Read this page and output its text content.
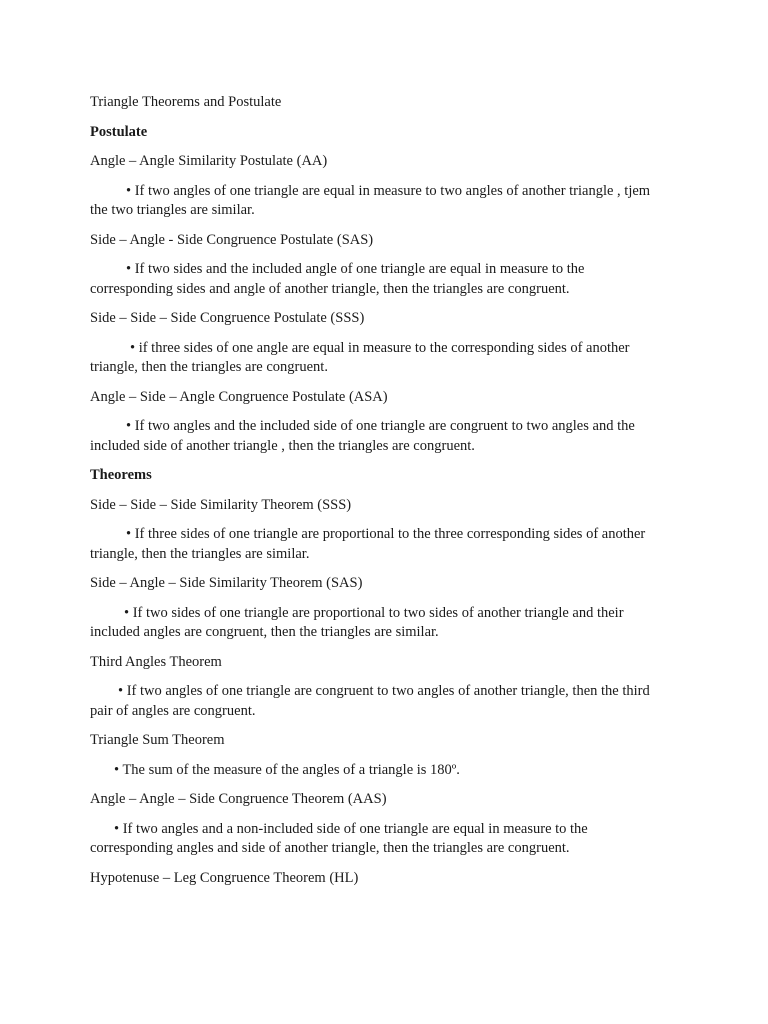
Triangle Theorems and Postulate

Postulate

Angle – Angle Similarity Postulate (AA)

• If two angles of one triangle are equal in measure to two angles of another triangle , tjem
the two triangles are similar.

Side – Angle - Side Congruence Postulate (SAS)

• If two sides and the included angle of one triangle are equal in measure to the
corresponding sides and angle of another triangle, then the triangles are congruent.

Side – Side – Side Congruence Postulate (SSS)

• if three sides of one angle are equal in measure to the corresponding sides of another
triangle, then the triangles are congruent.

Angle – Side – Angle Congruence Postulate (ASA)

• If two angles and the included side of one triangle are congruent to two angles and the
included side of another triangle , then the triangles are congruent.

Theorems

Side – Side – Side Similarity Theorem (SSS)

• If three sides of one triangle are proportional to the three corresponding sides of another
triangle, then the triangles are similar.

Side – Angle – Side Similarity Theorem (SAS)

• If two sides of one triangle are proportional to two sides of another triangle and their
included angles are congruent, then the triangles are similar.

Third Angles Theorem

• If two angles of one triangle are congruent to two angles of another triangle, then the third
pair of angles are congruent.

Triangle Sum Theorem

• The sum of the measure of the angles of a triangle is 180º.

Angle – Angle – Side Congruence Theorem (AAS)

• If two angles and a non-included side of one triangle are equal in measure to the
corresponding angles and side of another triangle, then the triangles are congruent.

Hypotenuse – Leg Congruence Theorem (HL)
